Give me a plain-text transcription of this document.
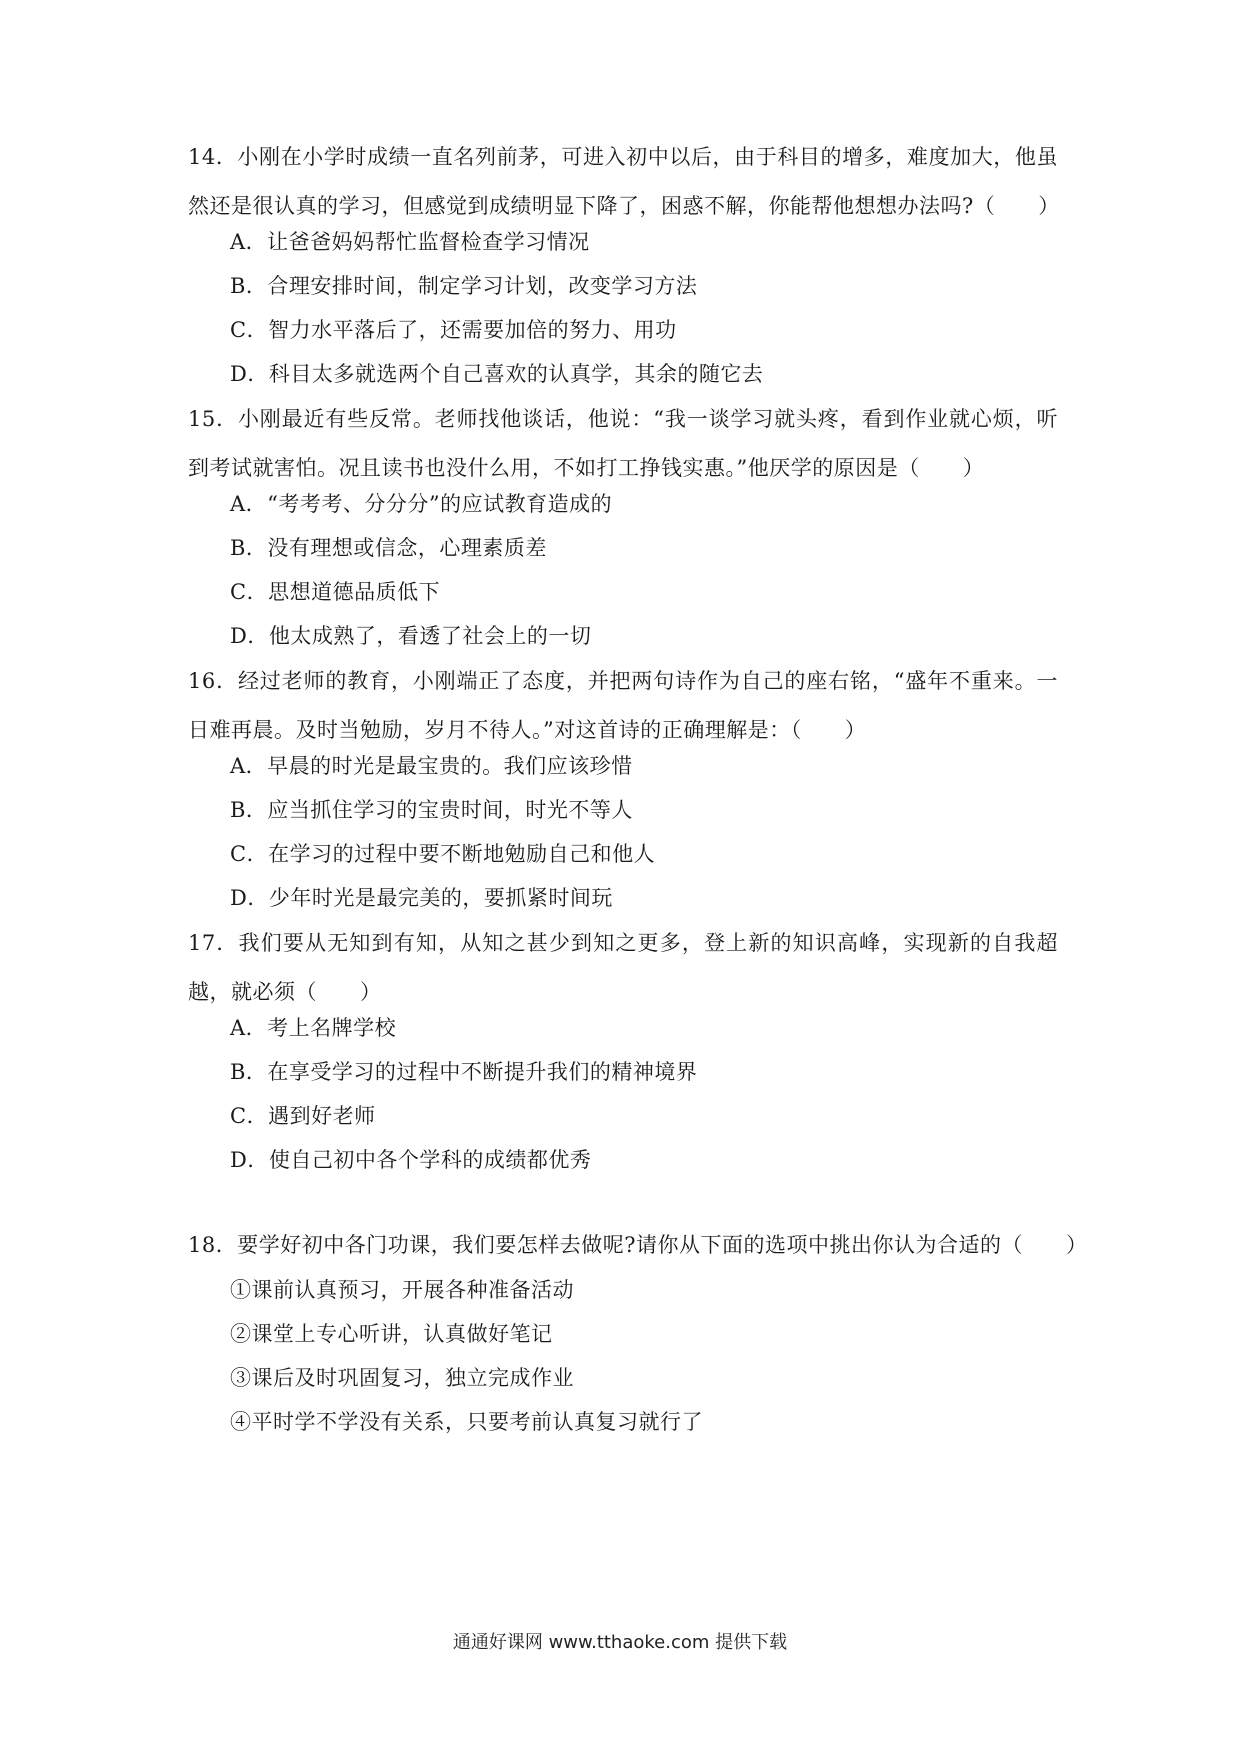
14．小刚在小学时成绩一直名列前茅，可进入初中以后，由于科目的增多，难度加大，他虽然还是很认真的学习，但感觉到成绩明显下降了，困惑不解，你能帮他想想办法吗?（　　）
A．让爸爸妈妈帮忙监督检查学习情况
B．合理安排时间，制定学习计划，改变学习方法
C．智力水平落后了，还需要加倍的努力、用功
D．科目太多就选两个自己喜欢的认真学，其余的随它去
15．小刚最近有些反常。老师找他谈话，他说：“我一谈学习就头疼，看到作业就心烦，听到考试就害怕。况且读书也没什么用，不如打工挣钱实惠。”他厌学的原因是（　　）
A．“考考考、分分分”的应试教育造成的
B．没有理想或信念，心理素质差
C．思想道德品质低下
D．他太成熟了，看透了社会上的一切
16．经过老师的教育，小刚端正了态度，并把两句诗作为自己的座右铭，“盛年不重来。一日难再晨。及时当勉励，岁月不待人。”对这首诗的正确理解是：（　　）
A．早晨的时光是最宝贵的。我们应该珍惜
B．应当抓住学习的宝贵时间，时光不等人
C．在学习的过程中要不断地勉励自己和他人
D．少年时光是最完美的，要抓紧时间玩
17．我们要从无知到有知，从知之甚少到知之更多，登上新的知识高峰，实现新的自我超越，就必须（　　）
A．考上名牌学校
B．在享受学习的过程中不断提升我们的精神境界
C．遇到好老师
D．使自己初中各个学科的成绩都优秀
18．要学好初中各门功课，我们要怎样去做呢?请你从下面的选项中挑出你认为合适的（　　）
①课前认真预习，开展各种准备活动
②课堂上专心听讲，认真做好笔记
③课后及时巩固复习，独立完成作业
④平时学不学没有关系，只要考前认真复习就行了
通通好课网 www.tthaoke.com 提供下载
